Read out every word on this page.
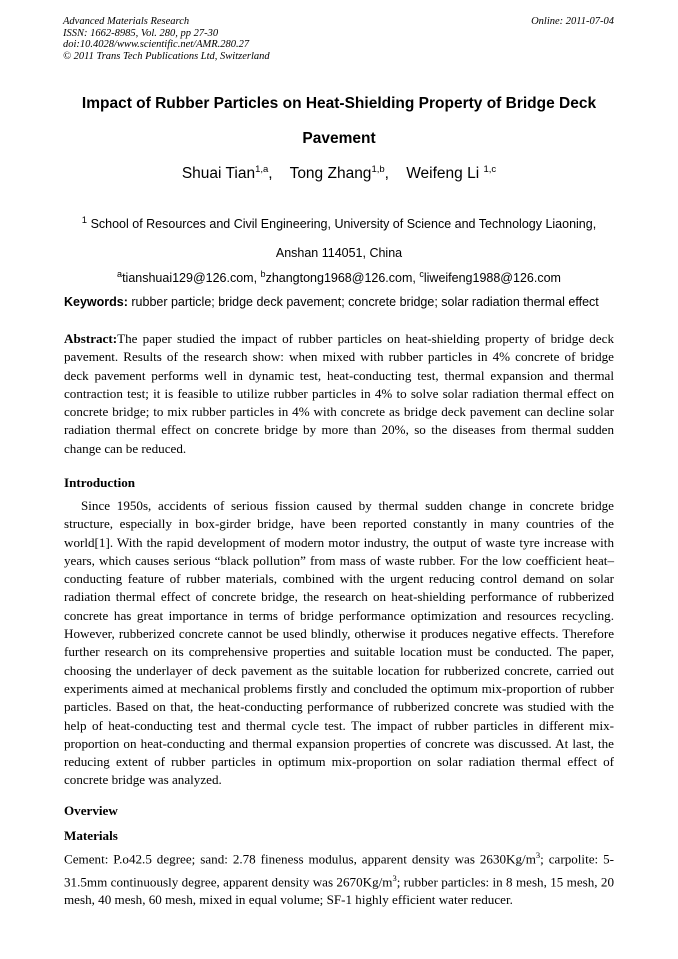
Advanced Materials Research
ISSN: 1662-8985, Vol. 280, pp 27-30
doi:10.4028/www.scientific.net/AMR.280.27
© 2011 Trans Tech Publications Ltd, Switzerland
Online: 2011-07-04
Impact of Rubber Particles on Heat-Shielding Property of Bridge Deck
Pavement
Shuai Tian$^{1,a}$, Tong Zhang$^{1,b}$, Weifeng Li $^{1,c}$
$^1$ School of Resources and Civil Engineering, University of Science and Technology Liaoning,
Anshan 114051, China
$^a$tianshuai129@126.com, $^b$zhangtong1968@126.com, $^c$liweifeng1988@126.com
Keywords: rubber particle; bridge deck pavement; concrete bridge; solar radiation thermal effect

Abstract:The paper studied the impact of rubber particles on heat-shielding property of bridge deck pavement. Results of the research show: when mixed with rubber particles in 4% concrete of bridge deck pavement performs well in dynamic test, heat-conducting test, thermal expansion and thermal contraction test; it is feasible to utilize rubber particles in 4% to solve solar radiation thermal effect on concrete bridge; to mix rubber particles in 4% with concrete as bridge deck pavement can decline solar radiation thermal effect on concrete bridge by more than 20%, so the diseases from thermal sudden change can be reduced.

Introduction

Since 1950s, accidents of serious fission caused by thermal sudden change in concrete bridge structure, especially in box-girder bridge, have been reported constantly in many countries of the world[1]. With the rapid development of modern motor industry, the output of waste tyre increase with years, which causes serious “black pollution” from mass of waste rubber. For the low coefficient heat–conducting feature of rubber materials, combined with the urgent reducing control demand on solar radiation thermal effect of concrete bridge, the research on heat-shielding performance of rubberized concrete has great importance in terms of bridge performance optimization and resources recycling. However, rubberized concrete cannot be used blindly, otherwise it produces negative effects. Therefore further research on its comprehensive properties and suitable location must be conducted. The paper, choosing the underlayer of deck pavement as the suitable location for rubberized concrete, carried out experiments aimed at mechanical problems firstly and concluded the optimum mix-proportion of rubber particles. Based on that, the heat-conducting performance of rubberized concrete was studied with the help of heat-conducting test and thermal cycle test. The impact of rubber particles in different mix-proportion on heat-conducting and thermal expansion properties of concrete was discussed. At last, the reducing extent of rubber particles in optimum mix-proportion on solar radiation thermal effect of concrete bridge was analyzed.

Overview
Materials

Cement: P.o42.5 degree; sand: 2.78 fineness modulus, apparent density was $2630Kg/m^3$; carpolite: 5-31.5mm continuously degree, apparent density was $2670Kg/m^3$; rubber particles: in 8 mesh, 15 mesh, 20 mesh, 40 mesh, 60 mesh, mixed in equal volume; SF-1 highly efficient water reducer.
